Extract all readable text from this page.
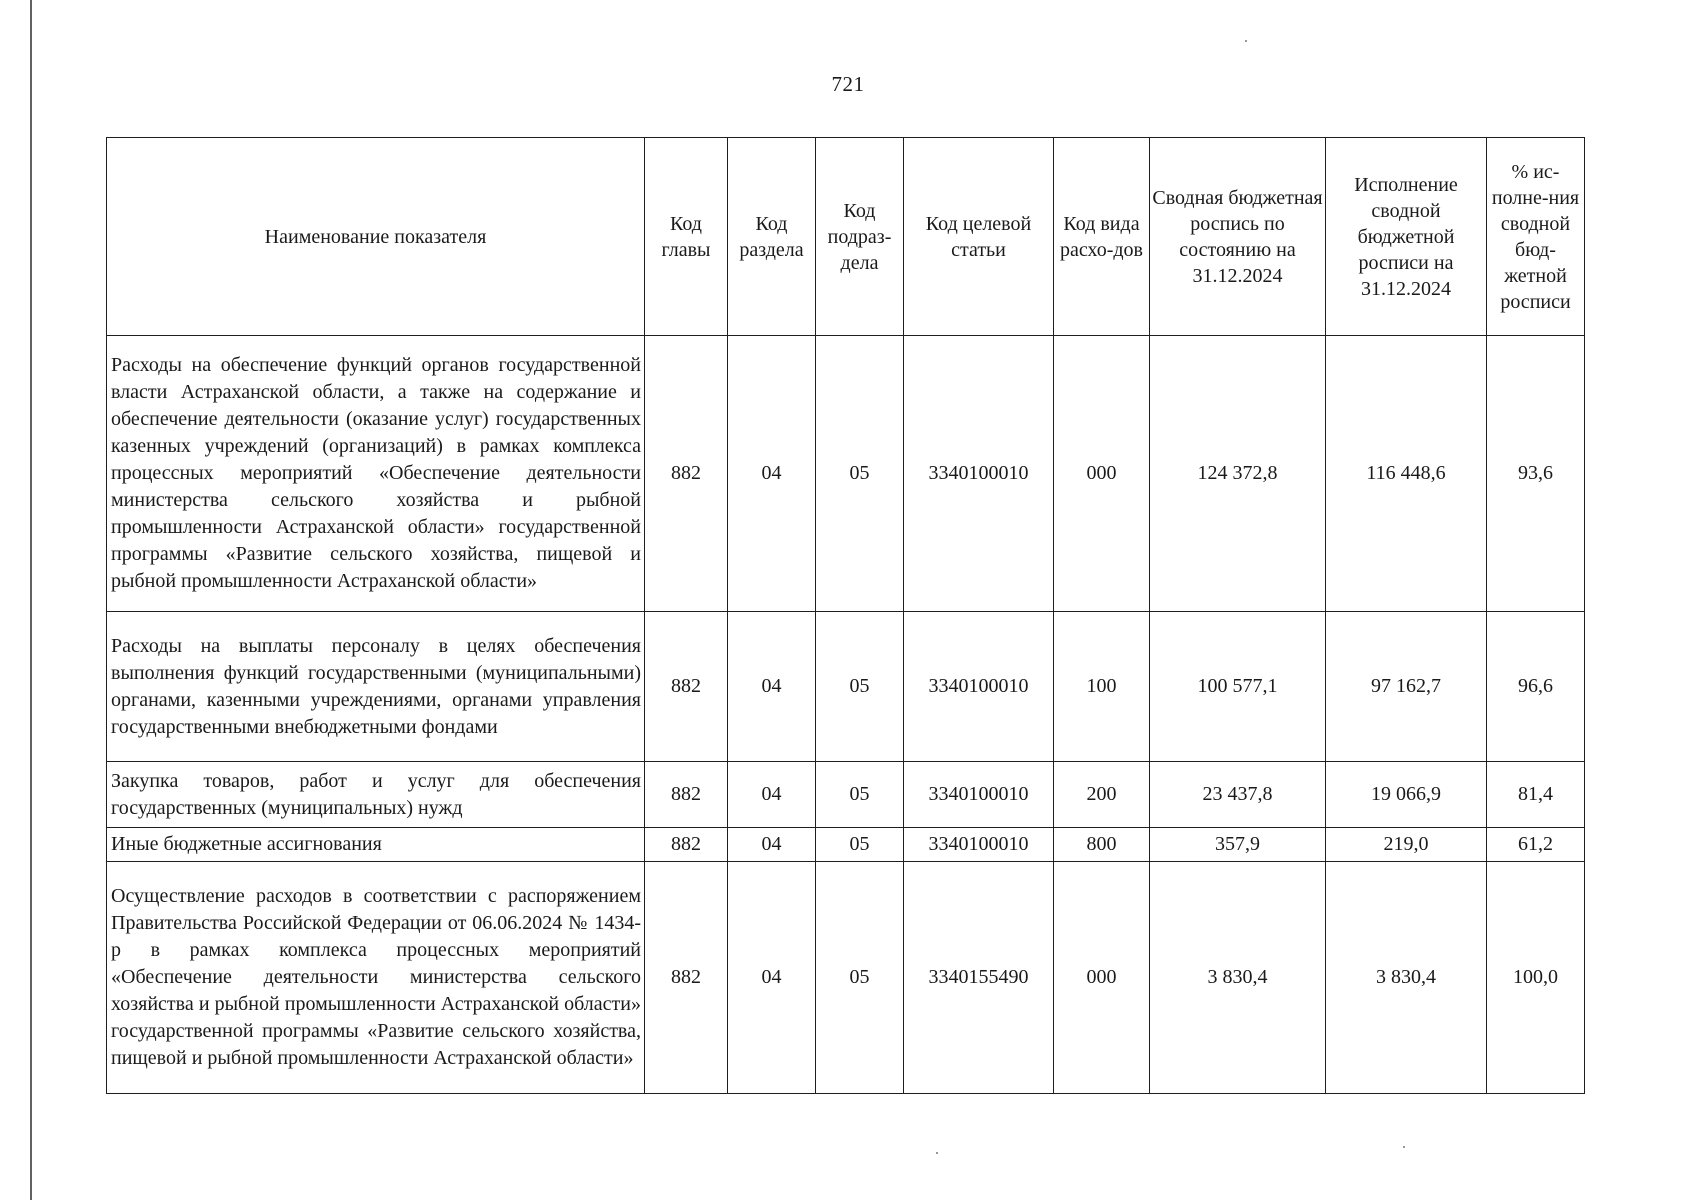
721
Наименование показателя	Код главы	Код раздела	Код подраз-дела	Код целевой статьи	Код вида расхо-дов	Сводная бюджетная роспись по состоянию на 31.12.2024	Исполнение сводной бюджетной росписи на 31.12.2024	% ис-полне-ния сводной бюд-жетной росписи
Расходы на обеспечение функций органов государственной власти Астраханской области, а также на содержание и обеспечение деятельности (оказание услуг) государственных казенных учреждений (организаций) в рамках комплекса процессных мероприятий «Обеспечение деятельности министерства сельского хозяйства и рыбной промышленности Астраханской области» государственной программы «Развитие сельского хозяйства, пищевой и рыбной промышленности Астраханской области»	882	04	05	3340100010	000	124 372,8	116 448,6	93,6
Расходы на выплаты персоналу в целях обеспечения выполнения функций государственными (муниципальными) органами, казенными учреждениями, органами управления государственными внебюджетными фондами	882	04	05	3340100010	100	100 577,1	97 162,7	96,6
Закупка товаров, работ и услуг для обеспечения государственных (муниципальных) нужд	882	04	05	3340100010	200	23 437,8	19 066,9	81,4
Иные бюджетные ассигнования	882	04	05	3340100010	800	357,9	219,0	61,2
Осуществление расходов в соответствии с распоряжением Правительства Российской Федерации от 06.06.2024 № 1434-р в рамках комплекса процессных мероприятий «Обеспечение деятельности министерства сельского хозяйства и рыбной промышленности Астраханской области» государственной программы «Развитие сельского хозяйства, пищевой и рыбной промышленности Астраханской области»	882	04	05	3340155490	000	3 830,4	3 830,4	100,0
